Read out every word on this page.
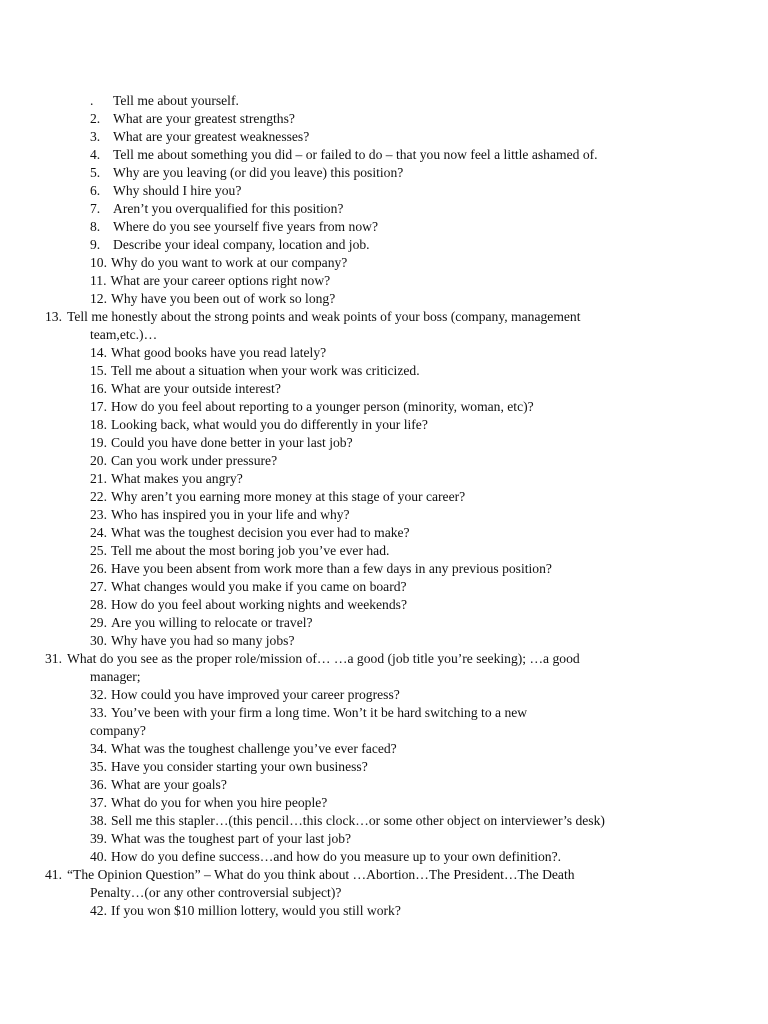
. Tell me about yourself.
2. What are your greatest strengths?
3. What are your greatest weaknesses?
4. Tell me about something you did – or failed to do – that you now feel a little ashamed of.
5. Why are you leaving (or did you leave) this position?
6. Why should I hire you?
7. Aren’t you overqualified for this position?
8. Where do you see yourself five years from now?
9. Describe your ideal company, location and job.
10. Why do you want to work at our company?
11. What are your career options right now?
12. Why have you been out of work so long?
13. Tell me honestly about the strong points and weak points of your boss (company, management
team,etc.)…
14. What good books have you read lately?
15. Tell me about a situation when your work was criticized.
16. What are your outside interest?
17. How do you feel about reporting to a younger person (minority, woman, etc)?
18. Looking back, what would you do differently in your life?
19. Could you have done better in your last job?
20. Can you work under pressure?
21. What makes you angry?
22. Why aren’t you earning more money at this stage of your career?
23. Who has inspired you in your life and why?
24. What was the toughest decision you ever had to make?
25. Tell me about the most boring job you’ve ever had.
26. Have you been absent from work more than a few days in any previous position?
27. What changes would you make if you came on board?
28. How do you feel about working nights and weekends?
29. Are you willing to relocate or travel?
30. Why have you had so many jobs?
31. What do you see as the proper role/mission of… …a good (job title you’re seeking); …a good
manager;
32. How could you have improved your career progress?
33. You’ve been with your firm a long time. Won’t it be hard switching to a new
company?
34. What was the toughest challenge you’ve ever faced?
35. Have you consider starting your own business?
36. What are your goals?
37. What do you for when you hire people?
38. Sell me this stapler…(this pencil…this clock…or some other object on interviewer’s desk)
39. What was the toughest part of your last job?
40. How do you define success…and how do you measure up to your own definition?.
41. “The Opinion Question” – What do you think about …Abortion…The President…The Death
Penalty…(or any other controversial subject)?
42. If you won $10 million lottery, would you still work?
